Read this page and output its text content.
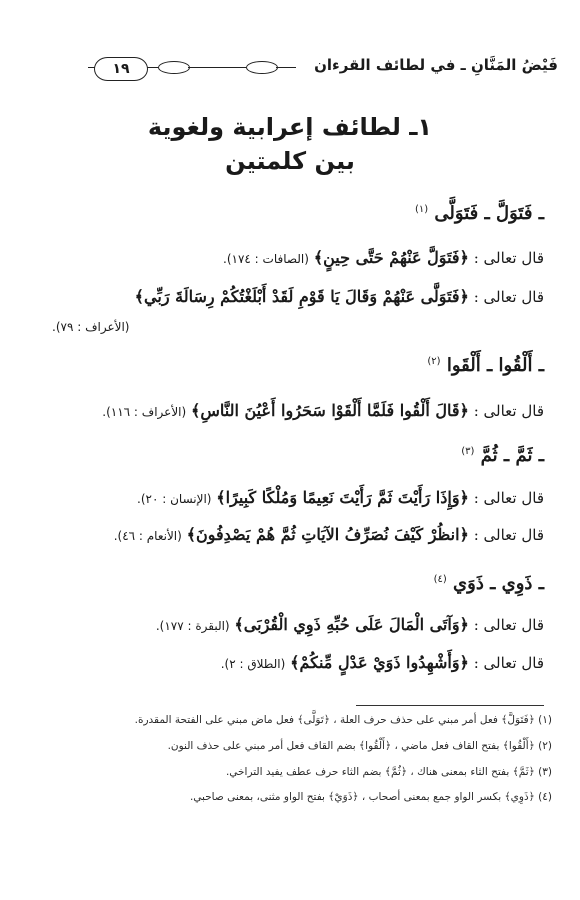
فَيْضُ المَنَّانِ ـ في لطائف القرءان
١٩
١ـ لطائف إعرابية ولغوية
بين كلمتين
ـ فَتَوَلَّ ـ فَتَوَلَّى $^{(١)}$
قال تعالى : ﴿فَتَوَلَّ عَنْهُمْ حَتَّى حِينٍ﴾ (الصافات : ١٧٤).
قال تعالى : ﴿فَتَوَلَّى عَنْهُمْ وَقَالَ يَا قَوْمِ لَقَدْ أَبْلَغْتُكُمْ رِسَالَةَ رَبِّي﴾
(الأعراف : ٧٩).
ـ أَلْقُوا ـ أَلْقَوا $^{(٢)}$
قال تعالى : ﴿قَالَ أَلْقُوا فَلَمَّا أَلْقَوْا سَحَرُوا أَعْيُنَ النَّاسِ﴾ (الأعراف : ١١٦).
ـ ثَمَّ ـ ثُمَّ $^{(٣)}$
قال تعالى : ﴿وَإِذَا رَأَيْتَ ثَمَّ رَأَيْتَ نَعِيمًا وَمُلْكًا كَبِيرًا﴾ (الإنسان : ٢٠).
قال تعالى : ﴿انظُرْ كَيْفَ نُصَرِّفُ الآيَاتِ ثُمَّ هُمْ يَصْدِفُونَ﴾ (الأنعام : ٤٦).
ـ ذَوِي ـ ذَوَي $^{(٤)}$
قال تعالى : ﴿وَآتَى الْمَالَ عَلَى حُبِّهِ ذَوِي الْقُرْبَى﴾ (البقرة : ١٧٧).
قال تعالى : ﴿وَأَشْهِدُوا ذَوَيْ عَدْلٍ مِّنكُمْ﴾ (الطلاق : ٢).
(١) ﴿فَتَوَلَّ﴾ فعل أمر مبني على حذف حرف العلة ، ﴿تَوَلَّى﴾ فعل ماض مبني على الفتحة المقدرة.
(٢) ﴿أَلْقُوا﴾ بفتح القاف فعل ماضي ، ﴿أَلْقُوا﴾ بضم القاف فعل أمر مبني على حذف النون.
(٣) ﴿ثَمَّ﴾ بفتح الثاء بمعنى هناك ، ﴿ثُمَّ﴾ بضم الثاء حرف عطف يفيد التراخي.
(٤) ﴿ذَوِي﴾ بكسر الواو جمع بمعنى أصحاب ، ﴿ذَوَيْ﴾ بفتح الواو مثنى، بمعنى صاحبي.
